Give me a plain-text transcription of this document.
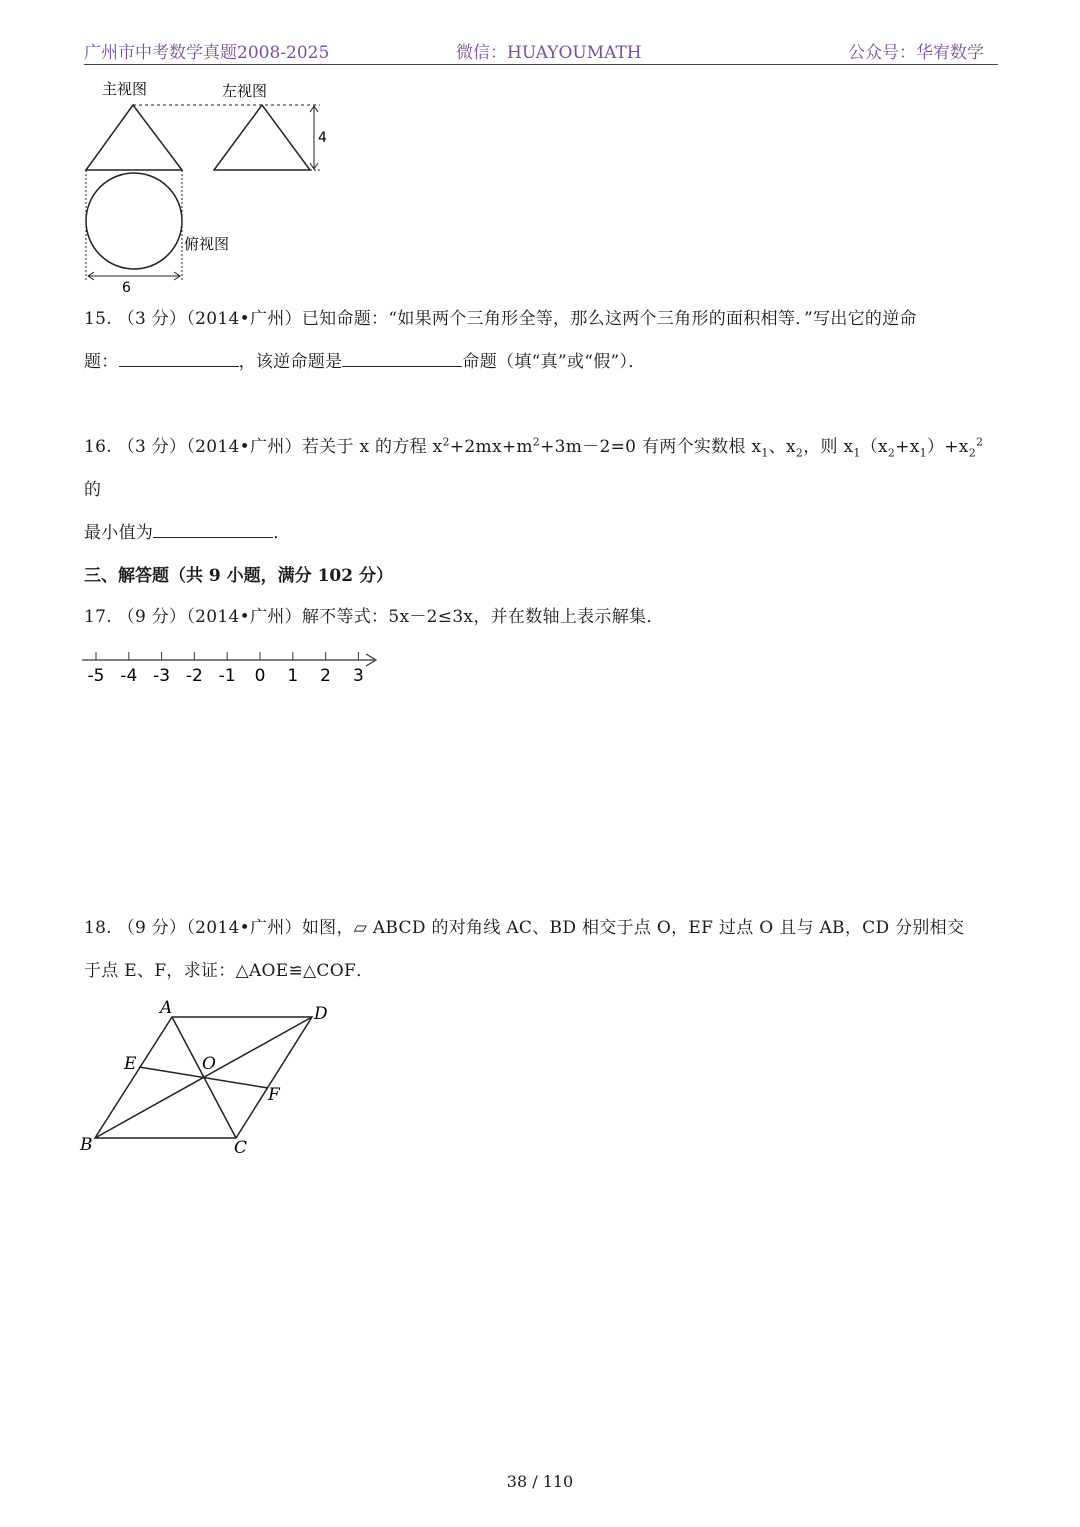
广州市中考数学真题2008-2025	微信：HUAYOUMATH	公众号：华宥数学
主视图	左视图
4
俯视图
6
15. （3 分）（2014•广州）已知命题：“如果两个三角形全等，那么这两个三角形的面积相等．”写出它的逆命
题：	，该逆命题是	命题（填“真”或“假”）．
16. （3 分）（2014•广州）若关于 x 的方程 $x^2+2mx+m^2+3m-2=0$ 有两个实数根 $x_1$、$x_2$，则 $x_1(x_2+x_1)+x_2^2$ 的
最小值为	．
三、解答题（共 9 小题，满分 102 分）
17. （9 分）（2014•广州）解不等式：5x－2≤3x，并在数轴上表示解集．
-5 -4 -3 -2 -1 0 1 2 3
18. （9 分）（2014•广州）如图，▱ ABCD 的对角线 AC、BD 相交于点 O，EF 过点 O 且与 AB，CD 分别相交
于点 E、F，求证：△AOE≌△COF．
A
B	C
D
E
F
O
38 / 110
